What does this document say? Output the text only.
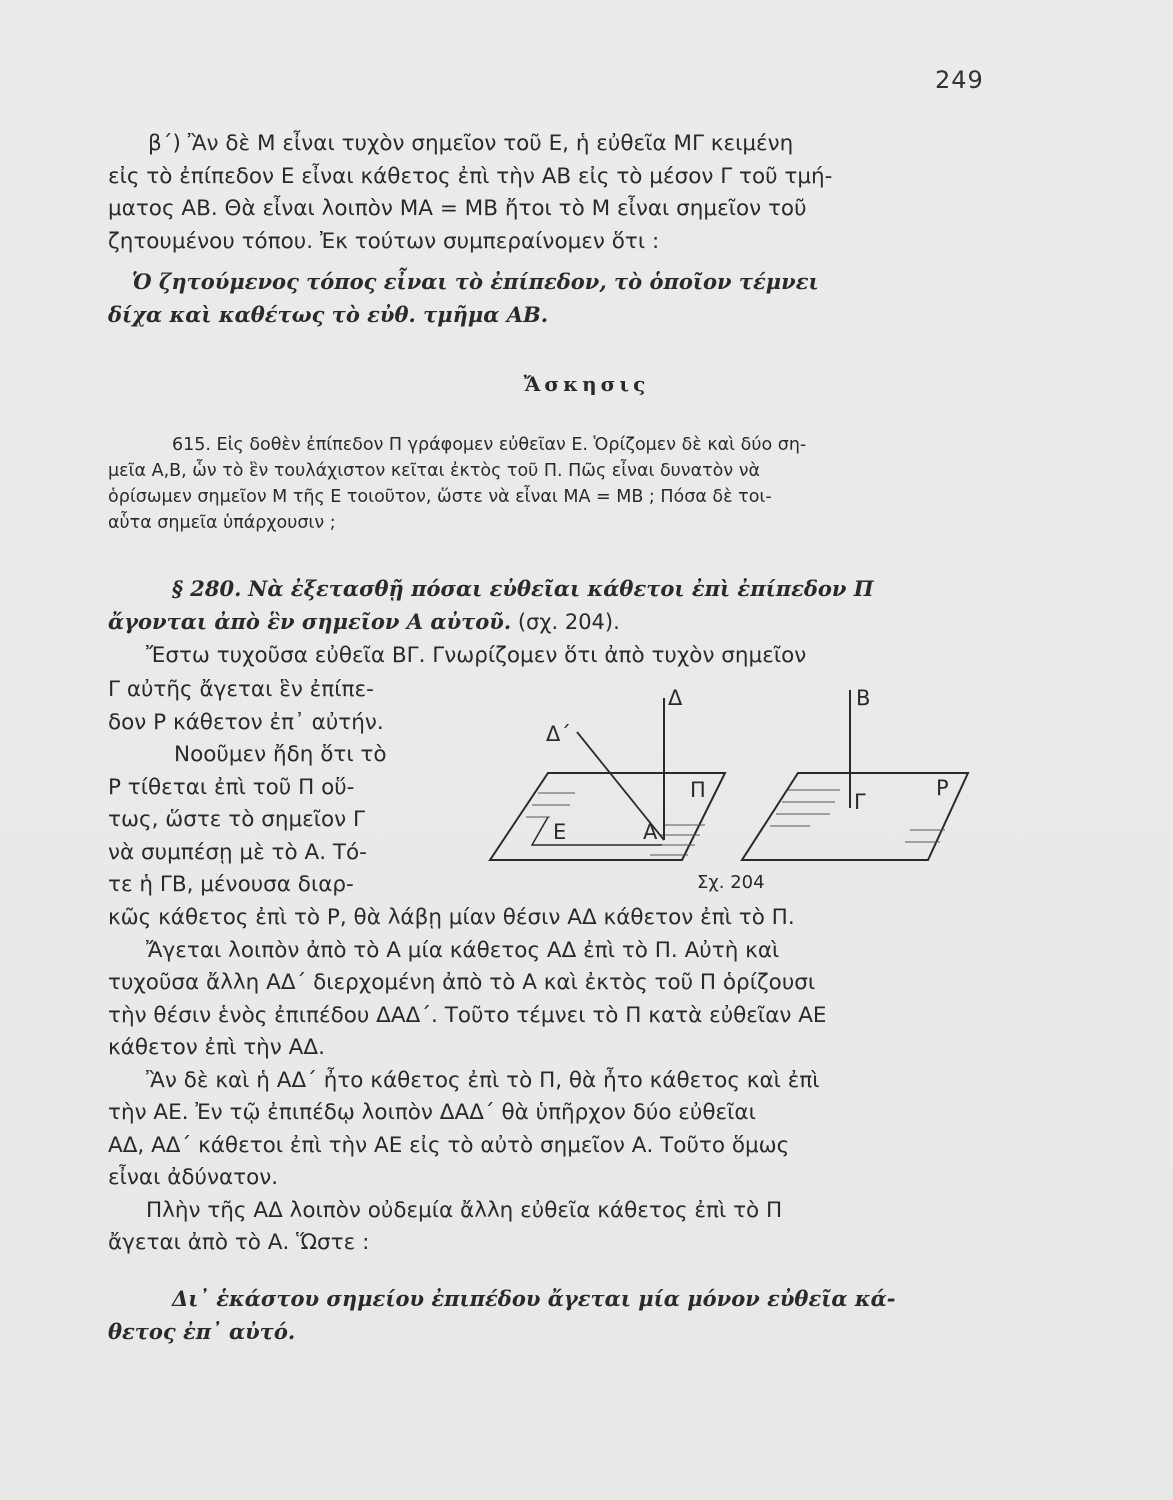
249
β΄) Ἂν δὲ Μ εἶναι τυχὸν σημεῖον τοῦ Ε, ἡ εὐθεῖα ΜΓ κειμένη
εἰς τὸ ἐπίπεδον Ε εἶναι κάθετος ἐπὶ τὴν ΑΒ εἰς τὸ μέσον Γ τοῦ τμή-
ματος ΑΒ. Θὰ εἶναι λοιπὸν ΜΑ = ΜΒ ἤτοι τὸ Μ εἶναι σημεῖον τοῦ
ζητουμένου τόπου. Ἐκ τούτων συμπεραίνομεν ὅτι :
Ὁ ζητούμενος τόπος εἶναι τὸ ἐπίπεδον, τὸ ὁποῖον τέμνει
δίχα καὶ καθέτως τὸ εὐθ. τμῆμα ΑΒ.
Ἄσκησις
615. Εἰς δοθὲν ἐπίπεδον Π γράφομεν εὐθεῖαν Ε. Ὁρίζομεν δὲ καὶ δύο ση-
μεῖα Α,Β, ὧν τὸ ἓν τουλάχιστον κεῖται ἐκτὸς τοῦ Π. Πῶς εἶναι δυνατὸν νὰ
ὁρίσωμεν σημεῖον Μ τῆς Ε τοιοῦτον, ὥστε νὰ εἶναι ΜΑ = ΜΒ ; Πόσα δὲ τοι-
αὗτα σημεῖα ὑπάρχουσιν ;
§ 280. Νὰ ἐξετασθῇ πόσαι εὐθεῖαι κάθετοι ἐπὶ ἐπίπεδον Π
ἄγονται ἀπὸ ἓν σημεῖον Α αὐτοῦ. (σχ. 204).
Ἔστω τυχοῦσα εὐθεῖα ΒΓ. Γνωρίζομεν ὅτι ἀπὸ τυχὸν σημεῖον
Γ αὐτῆς ἄγεται ἓν ἐπίπε-
δον Ρ κάθετον ἐπ᾽ αὐτήν.
Νοοῦμεν ἤδη ὅτι τὸ
Ρ τίθεται ἐπὶ τοῦ Π οὕ-
τως, ὥστε τὸ σημεῖον Γ
νὰ συμπέσῃ μὲ τὸ Α. Τό-
τε ἡ ΓΒ, μένουσα διαρ-
Δ
Δ΄
Π
Ε	Α
Β
Γ
Ρ
Σχ. 204
κῶς κάθετος ἐπὶ τὸ Ρ, θὰ λάβῃ μίαν θέσιν ΑΔ κάθετον ἐπὶ τὸ Π.
Ἄγεται λοιπὸν ἀπὸ τὸ Α μία κάθετος ΑΔ ἐπὶ τὸ Π. Αὐτὴ καὶ
τυχοῦσα ἄλλη ΑΔ΄ διερχομένη ἀπὸ τὸ Α καὶ ἐκτὸς τοῦ Π ὁρίζουσι
τὴν θέσιν ἑνὸς ἐπιπέδου ΔΑΔ΄. Τοῦτο τέμνει τὸ Π κατὰ εὐθεῖαν ΑΕ
κάθετον ἐπὶ τὴν ΑΔ.
Ἂν δὲ καὶ ἡ ΑΔ΄ ἦτο κάθετος ἐπὶ τὸ Π, θὰ ἦτο κάθετος καὶ ἐπὶ
τὴν ΑΕ. Ἐν τῷ ἐπιπέδῳ λοιπὸν ΔΑΔ΄ θὰ ὑπῆρχον δύο εὐθεῖαι
ΑΔ, ΑΔ΄ κάθετοι ἐπὶ τὴν ΑΕ εἰς τὸ αὐτὸ σημεῖον Α. Τοῦτο ὅμως
εἶναι ἀδύνατον.
Πλὴν τῆς ΑΔ λοιπὸν οὐδεμία ἄλλη εὐθεῖα κάθετος ἐπὶ τὸ Π
ἄγεται ἀπὸ τὸ Α. Ὥστε :
Δι᾽ ἑκάστου σημείου ἐπιπέδου ἄγεται μία μόνον εὐθεῖα κά-
θετος ἐπ᾽ αὐτό.
